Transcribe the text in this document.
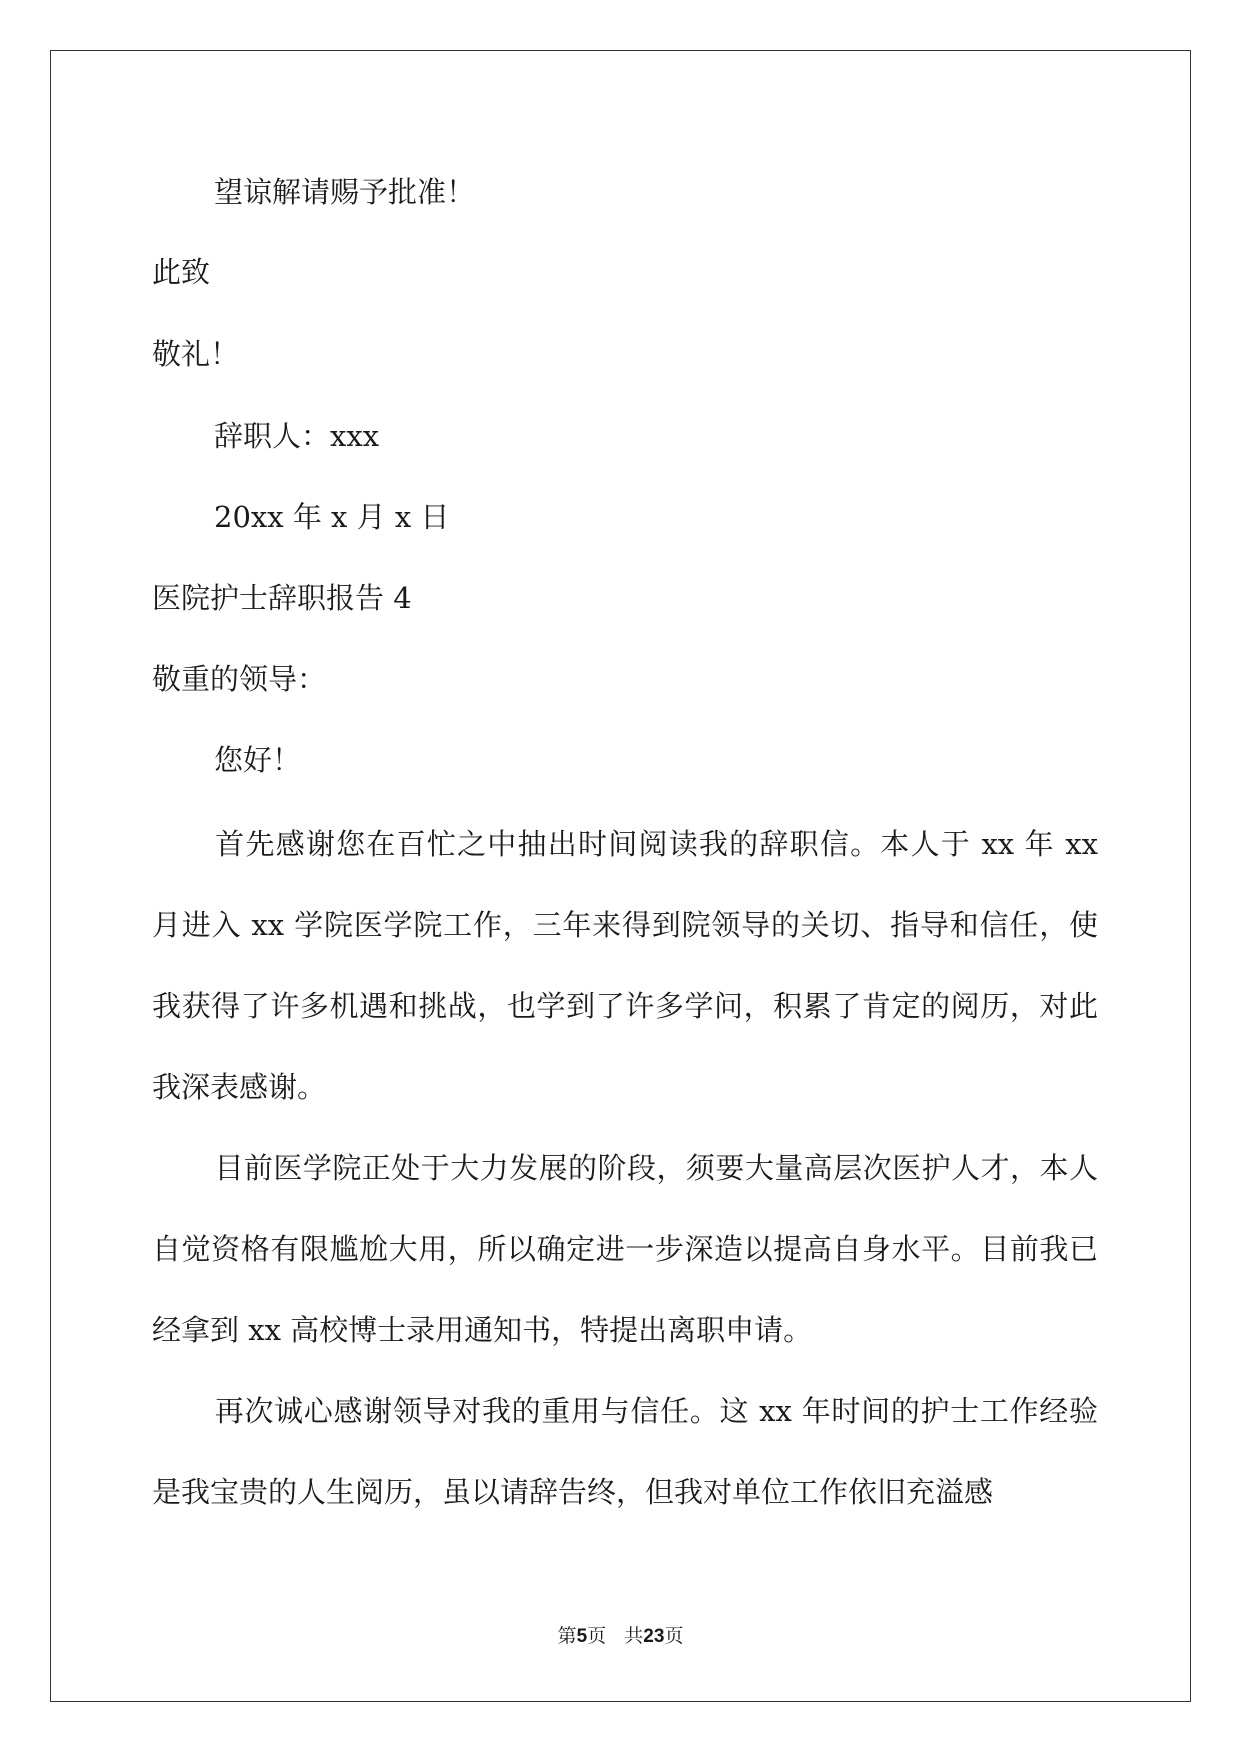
望谅解请赐予批准！
此致
敬礼！
辞职人：xxx
20xx 年 x 月 x 日
医院护士辞职报告 4
敬重的领导：
您好！
首先感谢您在百忙之中抽出时间阅读我的辞职信。本人于 xx 年 xx 月进入 xx 学院医学院工作，三年来得到院领导的关切、指导和信任，使我获得了许多机遇和挑战，也学到了许多学问，积累了肯定的阅历，对此我深表感谢。
目前医学院正处于大力发展的阶段，须要大量高层次医护人才，本人自觉资格有限尴尬大用，所以确定进一步深造以提高自身水平。目前我已经拿到 xx 高校博士录用通知书，特提出离职申请。
再次诚心感谢领导对我的重用与信任。这 xx 年时间的护士工作经验是我宝贵的人生阅历，虽以请辞告终，但我对单位工作依旧充溢感
第5页 共23页
